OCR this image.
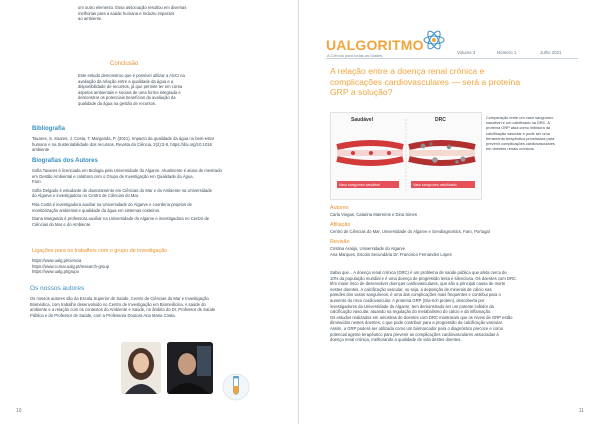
um outro elemento. Essa associação resultou em diversas
melhorias para a saúde humana e reduziu impactos
ao ambiente.
Conclusão
Este estudo demonstrou que é possível utilizar a ASCI na
avaliação da relação entre a qualidade da água e a
disponibilidade de recursos, já que permite ter em conta
aspetos ambientais e sociais de uma forma integrada e
demonstrar os potenciais benefícios da avaliação da
qualidade da água na gestão de recursos.
Bibliografia
Tavares, S. Soares, J. Costa, T. Margarida, P. (2021). Impacto da qualidade da água no bem-estar
humano e na Sustentabilidade dos recursos. Revista da Ciência, 2(2):3-8. https://doi.org/10.1016
ambiente
Biografias dos Autores
Sofia Tavares é licenciada em Biologia pela Universidade do Algarve. Atualmente é aluna de mestrado
em Gestão Ambiental e colabora com o Grupo de Investigação em Qualidade da Água.
Faro.
Sofia Delgado é estudante de doutoramento em Ciências do Mar e do Ambiente na Universidade
do Algarve e investigadora no Centro de Ciências do Mar.
Rita Costa é investigadora auxiliar na Universidade do Algarve e coordena projetos de
monitorização ambiental e qualidade da água em sistemas costeiros.
Diana Margarida é professora auxiliar na Universidade do Algarve e investigadora no Centro de
Ciências do Mar e do Ambiente.
Ligações para os trabalhos com o grupo de investigação
https://www.ualg.pt/ciencia
https://www.ccmar.ualg.pt/research-group
https://www.ualg.pt/grupo
Os nossos autores
Os nossos autores são da Escola Superior de Saúde, Centro de Ciências do Mar e Investigação
Biomédica, com trabalho desenvolvido no Centro de Investigação em Biomedicina. A saúde do
ambiente e a relação com os contextos do Ambiente e Saúde, no âmbito do Dr. Professor de Saúde
Pública e do Professor de Saúde, com a Professora Doutora Ana Maria Costa.
10
UALGORITMO
A Ciência para todas as Idades
Volume 3	Número 1	Julho 2021
A relação entre a doença renal crónica e complicações cardiovasculares — será a proteína GRP a solução?
Saudável	DRC
Vaso sanguíneo saudável	Vaso sanguíneo calcificado
Comparação entre um vaso sanguíneo
saudável e um calcificado na DRC. A
proteína GRP atua como inibidora da
calcificação vascular e pode ser uma
ferramenta terapêutica promissora para
prevenir complicações cardiovasculares
em doentes renais crónicos.
Autores
Carla Viegas, Catarina Marreiros e Dina Simes
Afiliação
Centro de Ciências do Mar, Universidade do Algarve e Gendiagnostics, Faro, Portugal
Revisão
Cristina Araújo, Universidade do Algarve
Ana Marques, Escola Secundária Dr. Francisco Fernandes Lopes
Sabia que... A doença renal crónica (DRC) é um problema de saúde pública que afeta cerca de
10% da população mundial e é uma doença de progressão lenta e silenciosa. Os doentes com DRC
têm maior risco de desenvolver doenças cardiovasculares, que são a principal causa de morte
nestes doentes. A calcificação vascular, ou seja, a deposição de minerais de cálcio nas
paredes dos vasos sanguíneos, é uma das complicações mais frequentes e contribui para o
aumento do risco cardiovascular. A proteína GRP (Gla-rich protein), descoberta por
investigadores da Universidade do Algarve, tem demonstrado ser um potente inibidor da
calcificação vascular, atuando na regulação do metabolismo do cálcio e da inflamação.
Os estudos realizados em amostras de doentes com DRC mostraram que os níveis de GRP estão
diminuídos nestes doentes, o que pode contribuir para a progressão da calcificação vascular.
Assim, a GRP poderá ser utilizada como um biomarcador para o diagnóstico precoce e como
potencial agente terapêutico para prevenir as complicações cardiovasculares associadas à
doença renal crónica, melhorando a qualidade de vida destes doentes.
11
